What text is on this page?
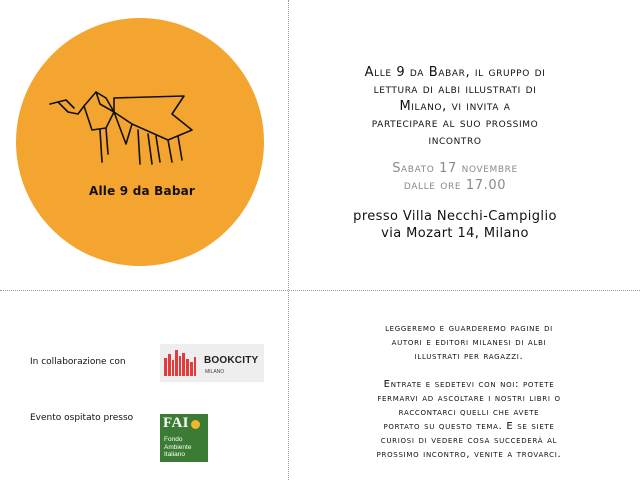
Alle 9 da Babar

Alle 9 da Babar, il gruppo di

lettura di albi illustrati di

Milano, vi invita a

partecipare al suo prossimo

incontro

Sabato 17 novembre
dalle ore 17.00
presso Villa Necchi-Campiglio
via Mozart 14, Milano
In collaborazione con	BOOKCITY
MILANO
Evento ospitato presso FAI
Fondo
Ambiente
Italiano

leggeremo e guarderemo pagine di

autori e editori milanesi di albi

illustrati per ragazzi.

Entrate e sedetevi con noi: potete

fermarvi ad ascoltare i nostri libri o

raccontarci quelli che avete

portato su questo tema. E se siete

curiosi di vedere cosa succederà al

prossimo incontro, venite a trovarci.
